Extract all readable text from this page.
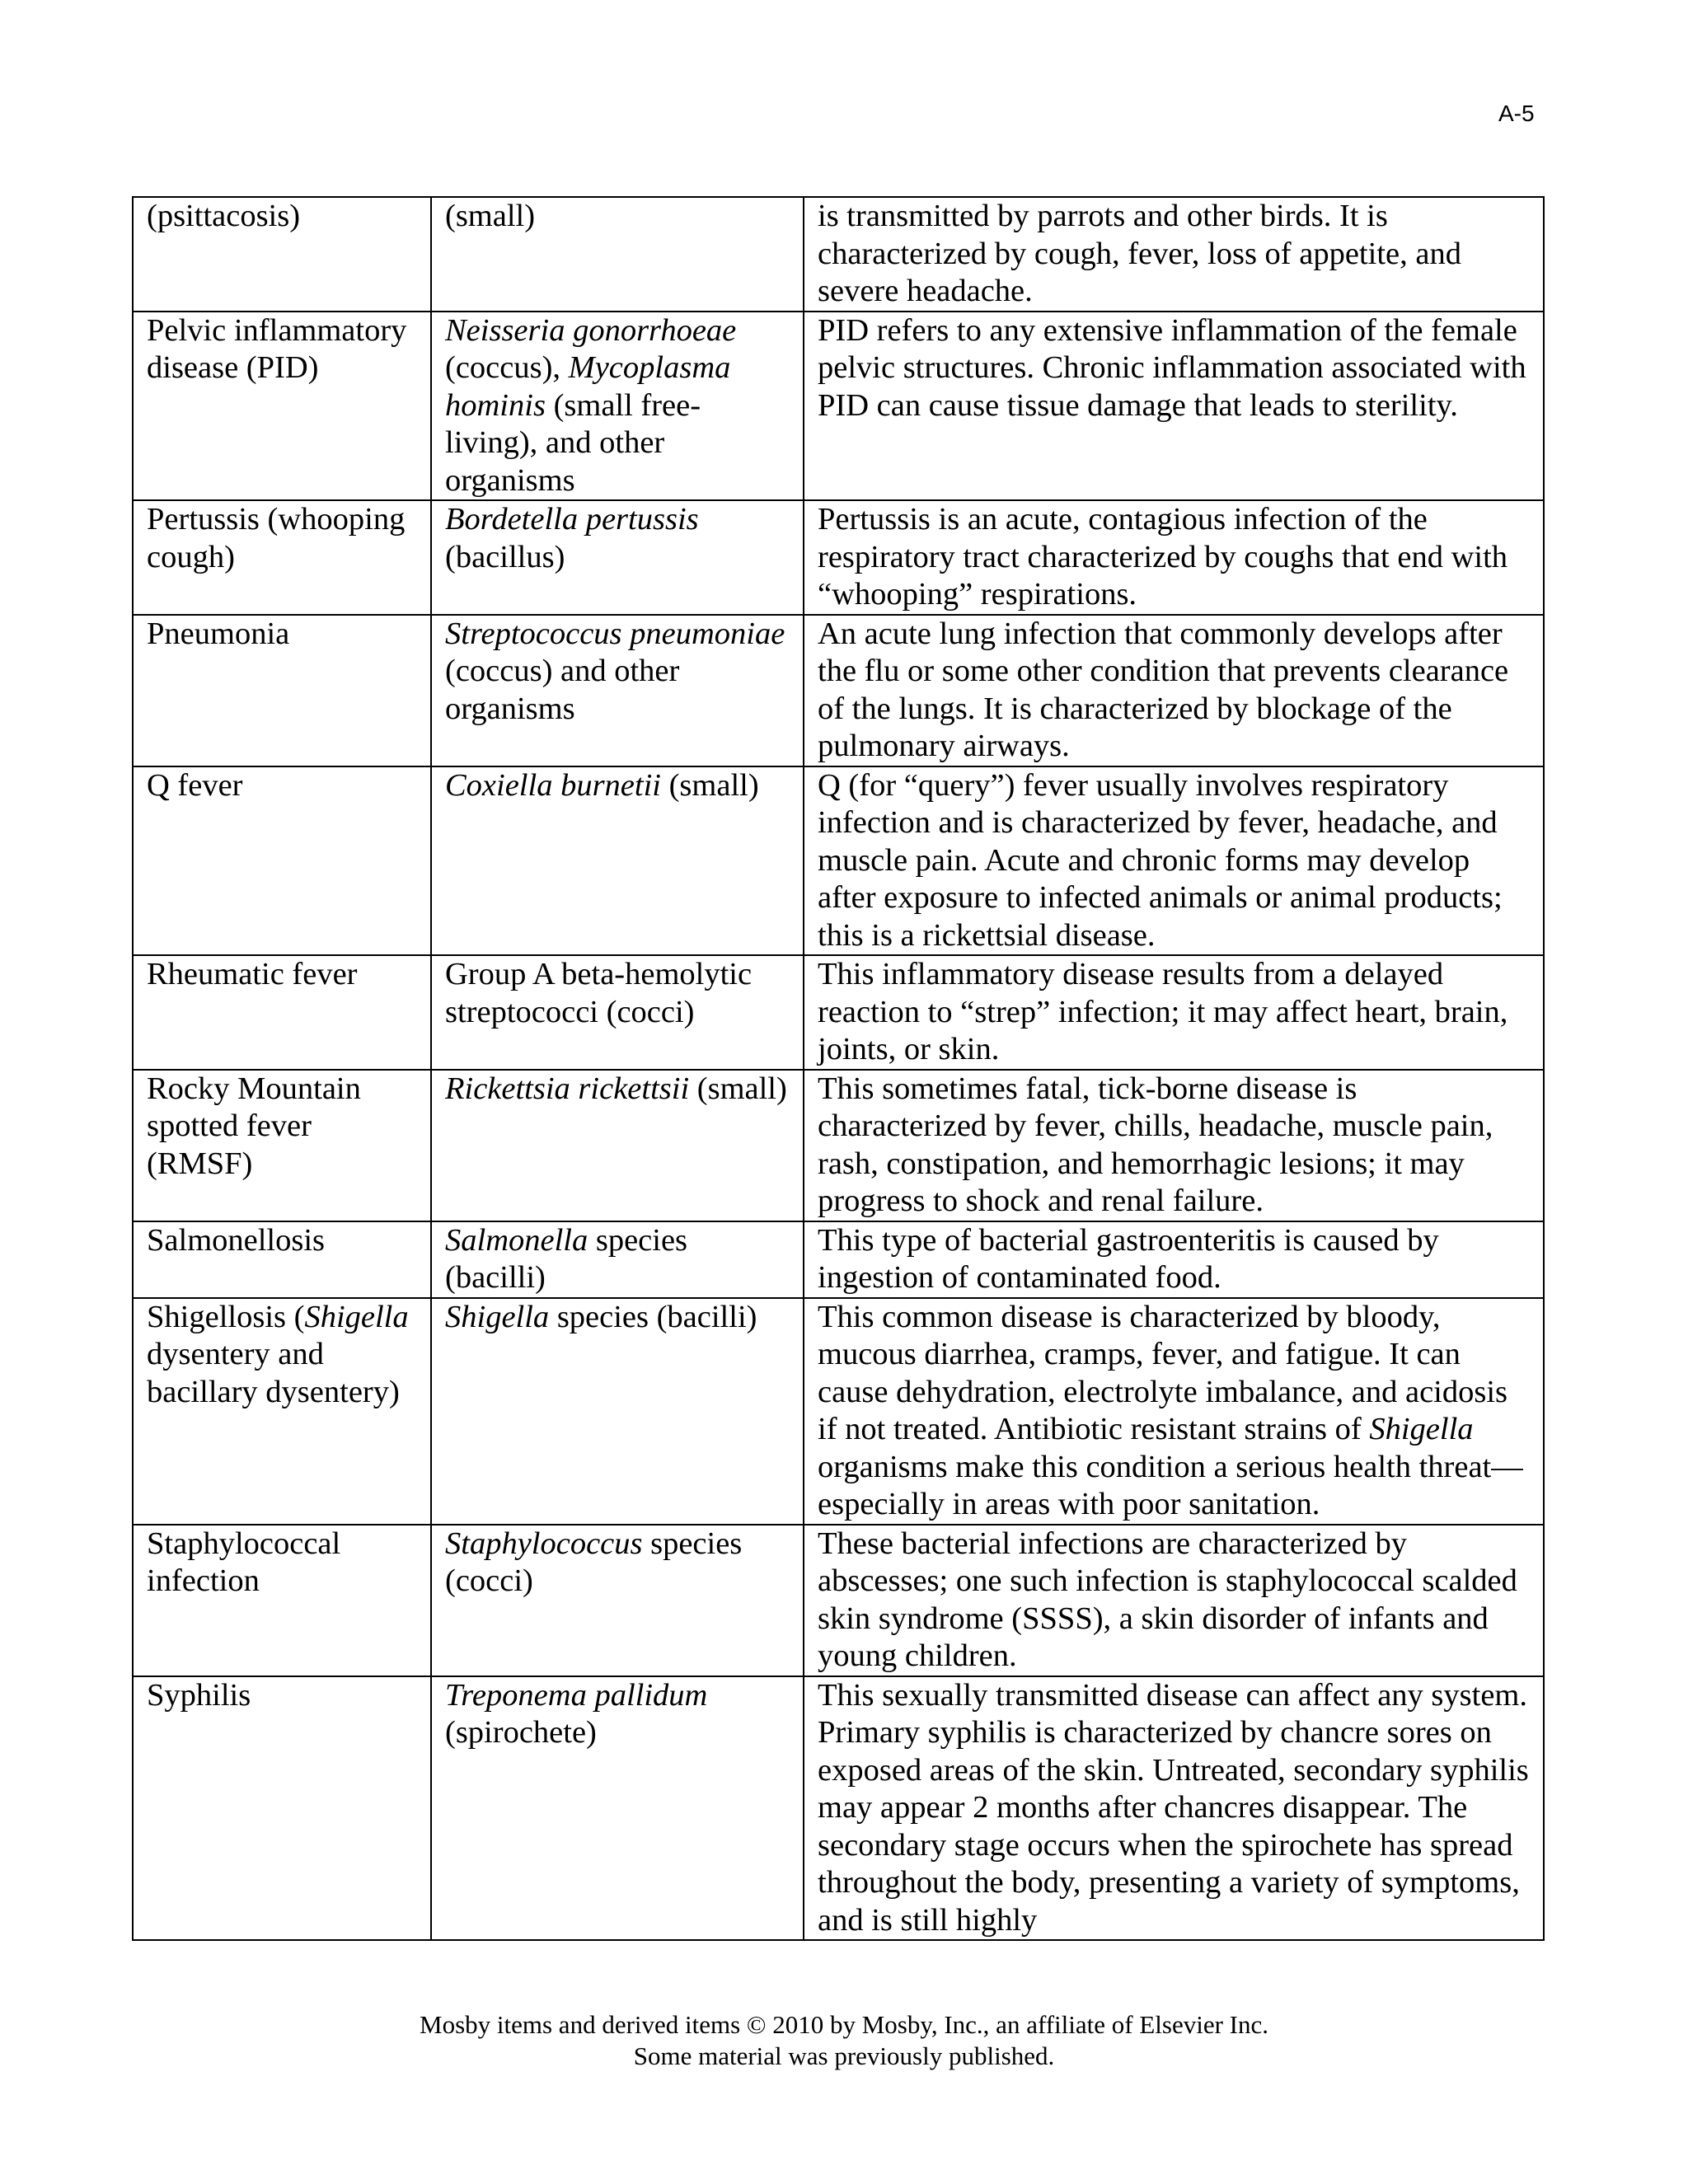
A-5
(psittacosis)	(small)	is transmitted by parrots and other birds. It is characterized by cough, fever, loss of appetite, and severe headache.
Pelvic inflammatory disease (PID)	Neisseria gonorrhoeae (coccus), Mycoplasma hominis (small free-living), and other organisms	PID refers to any extensive inflammation of the female pelvic structures. Chronic inflammation associated with PID can cause tissue damage that leads to sterility.
Pertussis (whooping cough)	Bordetella pertussis (bacillus)	Pertussis is an acute, contagious infection of the respiratory tract characterized by coughs that end with “whooping” respirations.
Pneumonia	Streptococcus pneumoniae (coccus) and other organisms	An acute lung infection that commonly develops after the flu or some other condition that prevents clearance of the lungs. It is characterized by blockage of the pulmonary airways.
Q fever	Coxiella burnetii (small)	Q (for “query”) fever usually involves respiratory infection and is characterized by fever, headache, and muscle pain. Acute and chronic forms may develop after exposure to infected animals or animal products; this is a rickettsial disease.
Rheumatic fever	Group A beta-hemolytic streptococci (cocci)	This inflammatory disease results from a delayed reaction to “strep” infection; it may affect heart, brain, joints, or skin.
Rocky Mountain spotted fever (RMSF)	Rickettsia rickettsii (small)	This sometimes fatal, tick-borne disease is characterized by fever, chills, headache, muscle pain, rash, constipation, and hemorrhagic lesions; it may progress to shock and renal failure.
Salmonellosis	Salmonella species (bacilli)	This type of bacterial gastroenteritis is caused by ingestion of contaminated food.
Shigellosis (Shigella dysentery and bacillary dysentery)	Shigella species (bacilli)	This common disease is characterized by bloody, mucous diarrhea, cramps, fever, and fatigue. It can cause dehydration, electrolyte imbalance, and acidosis if not treated. Antibiotic resistant strains of Shigella organisms make this condition a serious health threat—especially in areas with poor sanitation.
Staphylococcal infection	Staphylococcus species (cocci)	These bacterial infections are characterized by abscesses; one such infection is staphylococcal scalded skin syndrome (SSSS), a skin disorder of infants and young children.
Syphilis	Treponema pallidum (spirochete)	This sexually transmitted disease can affect any system. Primary syphilis is characterized by chancre sores on exposed areas of the skin. Untreated, secondary syphilis may appear 2 months after chancres disappear. The secondary stage occurs when the spirochete has spread throughout the body, presenting a variety of symptoms, and is still highly
Mosby items and derived items © 2010 by Mosby, Inc., an affiliate of Elsevier Inc.
Some material was previously published.
